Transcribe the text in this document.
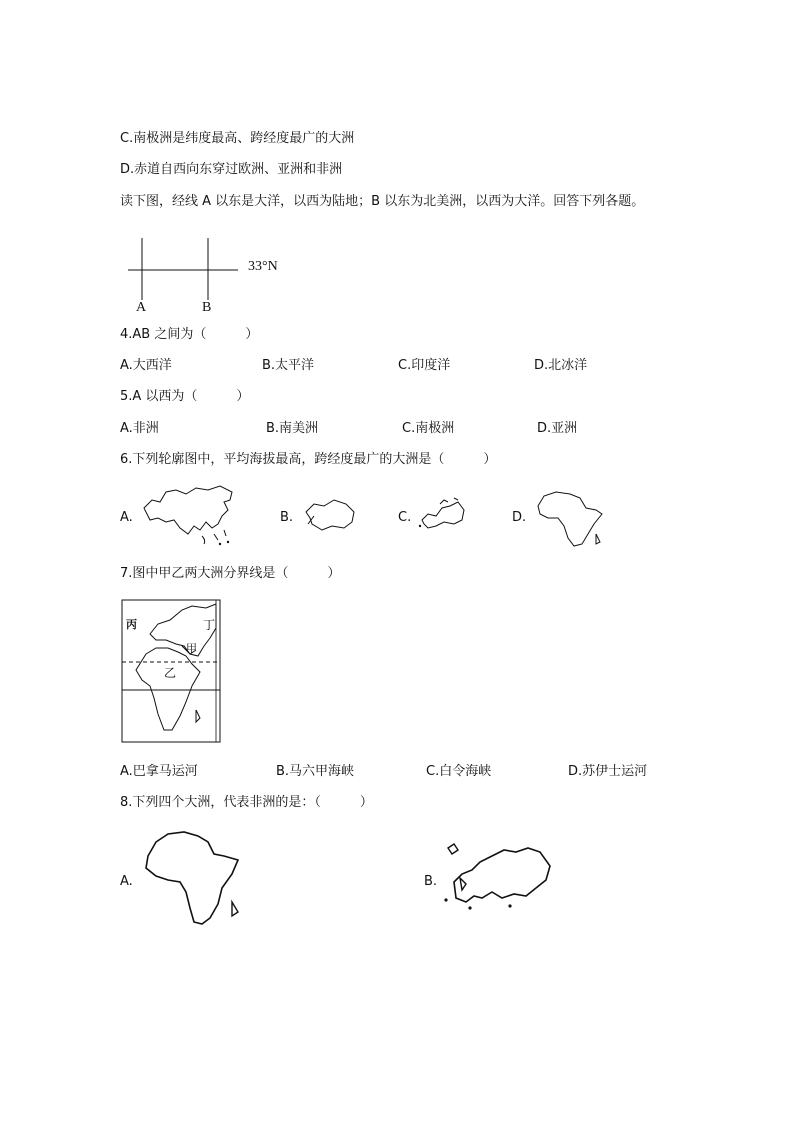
C.南极洲是纬度最高、跨经度最广的大洲
D.赤道自西向东穿过欧洲、亚洲和非洲
读下图，经线 A 以东是大洋，以西为陆地；B 以东为北美洲，以西为大洋。回答下列各题。
33°N
A	B
4.AB 之间为（　　　）
A.大西洋	B.太平洋	C.印度洋	D.北冰洋
5.A 以西为（　　　）
A.非洲	B.南美洲	C.南极洲	D.亚洲
6.下列轮廓图中，平均海拔最高，跨经度最广的大洲是（　　　）
A.	B.	C.	D.
7.图中甲乙两大洲分界线是（　　　）
丙	丁
甲
乙
A.巴拿马运河	B.马六甲海峡	C.白令海峡	D.苏伊士运河
8.下列四个大洲，代表非洲的是：（　　　）
A.	B.
